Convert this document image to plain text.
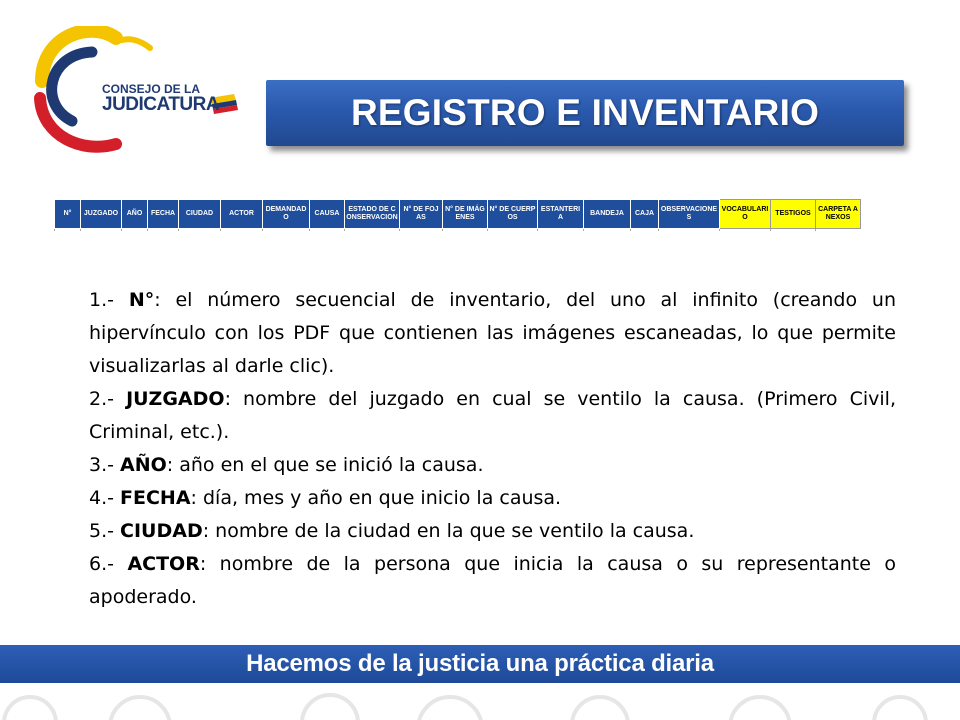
CONSEJO DE LA
JUDICATURA	REGISTRO E INVENTARIO
N°	JUZGADO	AÑO	FECHA	CIUDAD	ACTOR	DEMANDADO	CAUSA	ESTADO DE CONSERVACION	N° DE FOJAS	N° DE IMÁGENES	N° DE CUERPOS	ESTANTERIA	BANDEJA	CAJA	OBSERVACIONES	VOCABULARIO	TESTIGOS	CARPETA ANEXOS

1.- N°: el número secuencial de inventario, del uno al infinito (creando un hipervínculo con los PDF que contienen las imágenes escaneadas, lo que permite visualizarlas al darle clic).

2.- JUZGADO: nombre del juzgado en cual se ventilo la causa. (Primero Civil, Criminal, etc.).

3.- AÑO: año en el que se inició la causa.

4.- FECHA: día, mes y año en que inicio la causa.

5.- CIUDAD: nombre de la ciudad en la que se ventilo la causa.

6.- ACTOR: nombre de la persona que inicia la causa o su representante o apoderado.

Hacemos de la justicia una práctica diaria
